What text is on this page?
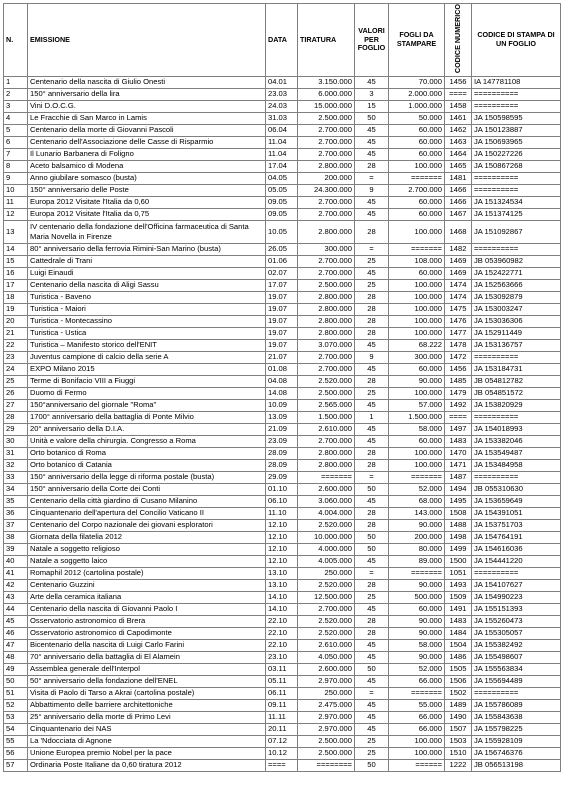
N.	EMISSIONE	DATA	TIRATURA	VALORI PER FOGLIO	FOGLI DA STAMPARE	CODICE NUMERICO	CODICE DI STAMPA DI UN FOGLIO
1	Centenario della nascita di Giulio Onesti	04.01	3.150.000	45	70.000	1456	IA 147781108
2	150° anniversario della lira	23.03	6.000.000	3	2.000.000	====	==========
3	Vini D.O.C.G.	24.03	15.000.000	15	1.000.000	1458	==========
4	Le Fracchie di San Marco in Lamis	31.03	2.500.000	50	50.000	1461	JA 150598595
5	Centenario della morte di Giovanni Pascoli	06.04	2.700.000	45	60.000	1462	JA 150123887
6	Centenario dell'Associazione delle Casse di Risparmio	11.04	2.700.000	45	60.000	1463	JA 150693965
7	Il Lunario Barbanera di Foligno	11.04	2.700.000	45	60.000	1464	JA 150227226
8	Aceto balsamico di Modena	17.04	2.800.000	28	100.000	1465	JA 150867268
9	Anno giubilare somasco (busta)	04.05	200.000	=	=======	1481	==========
10	150° anniversario delle Poste	05.05	24.300.000	9	2.700.000	1466	==========
11	Europa 2012 Visitate l'Italia da 0,60	09.05	2.700.000	45	60.000	1466	JA 151324534
12	Europa 2012 Visitate l'Italia da 0,75	09.05	2.700.000	45	60.000	1467	JA 151374125
13	IV centenario della fondazione dell'Officina farmaceutica di Santa Maria Novella in Firenze	10.05	2.800.000	28	100.000	1468	JA 151092867
14	80° anniversario della ferrovia Rimini-San Marino (busta)	26.05	300.000	=	=======	1482	==========
15	Cattedrale di Trani	01.06	2.700.000	25	108.000	1469	JB 053960982
16	Luigi Einaudi	02.07	2.700.000	45	60.000	1469	JA 152422771
17	Centenario della nascita di Aligi Sassu	17.07	2.500.000	25	100.000	1474	JA 152563666
18	Turistica - Baveno	19.07	2.800.000	28	100.000	1474	JA 153092879
19	Turistica - Maiori	19.07	2.800.000	28	100.000	1475	JA 153003247
20	Turistica - Montecassino	19.07	2.800.000	28	100.000	1476	JA 153036306
21	Turistica - Ustica	19.07	2.800.000	28	100.000	1477	JA 152911449
22	Turistica – Manifesto storico dell'ENIT	19.07	3.070.000	45	68.222	1478	JA 153136757
23	Juventus campione di calcio della serie A	21.07	2.700.000	9	300.000	1472	==========
24	EXPO Milano 2015	01.08	2.700.000	45	60.000	1456	JA 153184731
25	Terme di Bonifacio VIII a Fiuggi	04.08	2.520.000	28	90.000	1485	JB 054812782
26	Duomo di Fermo	14.08	2.500.000	25	100.000	1479	JB 054851572
27	150°anniversario del giornale "Roma"	10.09	2.565.000	45	57.000	1492	JA 153820929
28	1700° anniversario della battaglia di Ponte Milvio	13.09	1.500.000	1	1.500.000	====	==========
29	20° anniversario della D.I.A.	21.09	2.610.000	45	58.000	1497	JA 154018993
30	Unità e valore della chirurgia. Congresso a Roma	23.09	2.700.000	45	60.000	1483	JA 153382046
31	Orto botanico di Roma	28.09	2.800.000	28	100.000	1470	JA 153549487
32	Orto botanico di Catania	28.09	2.800.000	28	100.000	1471	JA 153484958
33	150° anniversario della legge di riforma postale (busta)	29.09	=======	=	=======	1487	==========
34	150° anniversario della Corte dei Conti	01.10	2.600.000	50	52.000	1494	JB 055310630
35	Centenario della città giardino di Cusano Milanino	06.10	3.060.000	45	68.000	1495	JA 153659649
36	Cinquantenario dell'apertura del Concilio Vaticano II	11.10	4.004.000	28	143.000	1508	JA 154391051
37	Centenario del Corpo nazionale dei giovani esploratori	12.10	2.520.000	28	90.000	1488	JA 153751703
38	Giornata della filatelia 2012	12.10	10.000.000	50	200.000	1498	JA 154764191
39	Natale a soggetto religioso	12.10	4.000.000	50	80.000	1499	JA 154616036
40	Natale a soggetto laico	12.10	4.005.000	45	89.000	1500	JA 154441220
41	Romaphil 2012 (cartolina postale)	13.10	250.000	=	=======	1051	==========
42	Centenario Guzzini	13.10	2.520.000	28	90.000	1493	JA 154107627
43	Arte della ceramica italiana	14.10	12.500.000	25	500.000	1509	JA 154990223
44	Centenario della nascita di Giovanni Paolo I	14.10	2.700.000	45	60.000	1491	JA 155151393
45	Osservatorio astronomico di Brera	22.10	2.520.000	28	90.000	1483	JA 155260473
46	Osservatorio astronomico di Capodimonte	22.10	2.520.000	28	90.000	1484	JA 155305057
47	Bicentenario della nascita di Luigi Carlo Farini	22.10	2.610.000	45	58.000	1504	JA 155382492
48	70° anniversario della battaglia di El Alamein	23.10	4.050.000	45	90.000	1486	JA 155498607
49	Assemblea generale dell'Interpol	03.11	2.600.000	50	52.000	1505	JA 155563834
50	50° anniversario della fondazione dell'ENEL	05.11	2.970.000	45	66.000	1506	JA 155694489
51	Visita di Paolo di Tarso a Akrai (cartolina postale)	06.11	250.000	=	=======	1502	==========
52	Abbattimento delle barriere architettoniche	09.11	2.475.000	45	55.000	1489	JA 155786089
53	25° anniversario della morte di Primo Levi	11.11	2.970.000	45	66.000	1490	JA 155843638
54	Cinquantenario dei NAS	20.11	2.970.000	45	66.000	1507	JA 155798225
55	La 'Ndocciata di Agnone	07.12	2.500.000	25	100.000	1503	JA 155928109
56	Unione Europea premio Nobel per la pace	10.12	2.500.000	25	100.000	1510	JA 156746376
57	Ordinaria Poste Italiane da 0,60 tiratura 2012	====	========	50	======	1222	JB 056513198
